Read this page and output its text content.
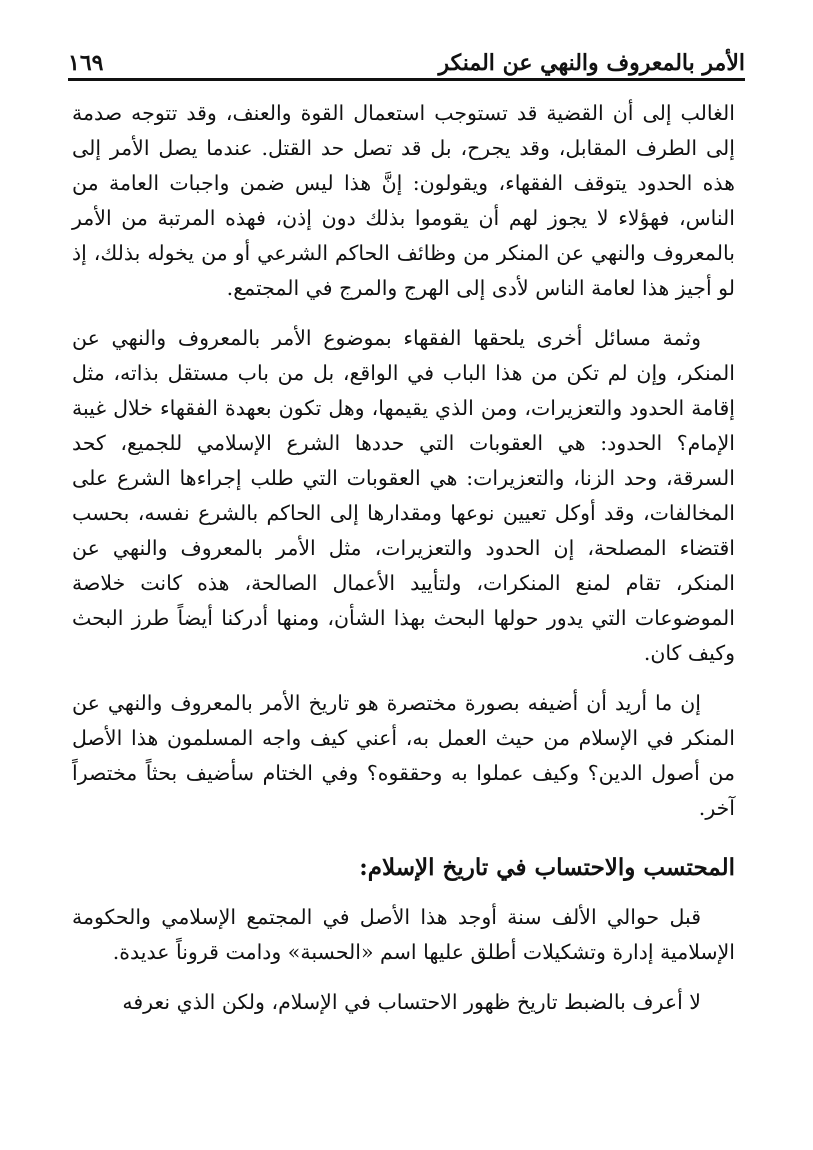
الأمر بالمعروف والنهي عن المنكر
١٦٩

الغالب إلى أن القضية قد تستوجب استعمال القوة والعنف، وقد تتوجه صدمة إلى الطرف المقابل، وقد يجرح، بل قد تصل حد القتل. عندما يصل الأمر إلى هذه الحدود يتوقف الفقهاء، ويقولون: إنَّ هذا ليس ضمن واجبات العامة من الناس، فهؤلاء لا يجوز لهم أن يقوموا بذلك دون إذن، فهذه المرتبة من الأمر بالمعروف والنهي عن المنكر من وظائف الحاكم الشرعي أو من يخوله بذلك، إذ لو أجيز هذا لعامة الناس لأدى إلى الهرج والمرج في المجتمع.

وثمة مسائل أخرى يلحقها الفقهاء بموضوع الأمر بالمعروف والنهي عن المنكر، وإن لم تكن من هذا الباب في الواقع، بل من باب مستقل بذاته، مثل إقامة الحدود والتعزيرات، ومن الذي يقيمها، وهل تكون بعهدة الفقهاء خلال غيبة الإمام؟ الحدود: هي العقوبات التي حددها الشرع الإسلامي للجميع، كحد السرقة، وحد الزنا، والتعزيرات: هي العقوبات التي طلب إجراءها الشرع على المخالفات، وقد أوكل تعيين نوعها ومقدارها إلى الحاكم بالشرع نفسه، بحسب اقتضاء المصلحة، إن الحدود والتعزيرات، مثل الأمر بالمعروف والنهي عن المنكر، تقام لمنع المنكرات، ولتأييد الأعمال الصالحة، هذه كانت خلاصة الموضوعات التي يدور حولها البحث بهذا الشأن، ومنها أدركنا أيضاً طرز البحث وكيف كان.

إن ما أريد أن أضيفه بصورة مختصرة هو تاريخ الأمر بالمعروف والنهي عن المنكر في الإسلام من حيث العمل به، أعني كيف واجه المسلمون هذا الأصل من أصول الدين؟ وكيف عملوا به وحققوه؟ وفي الختام سأضيف بحثاً مختصراً آخر.

المحتسب والاحتساب في تاريخ الإسلام:

قبل حوالي الألف سنة أوجد هذا الأصل في المجتمع الإسلامي والحكومة الإسلامية إدارة وتشكيلات أطلق عليها اسم «الحسبة» ودامت قروناً عديدة.

لا أعرف بالضبط تاريخ ظهور الاحتساب في الإسلام، ولكن الذي نعرفه
